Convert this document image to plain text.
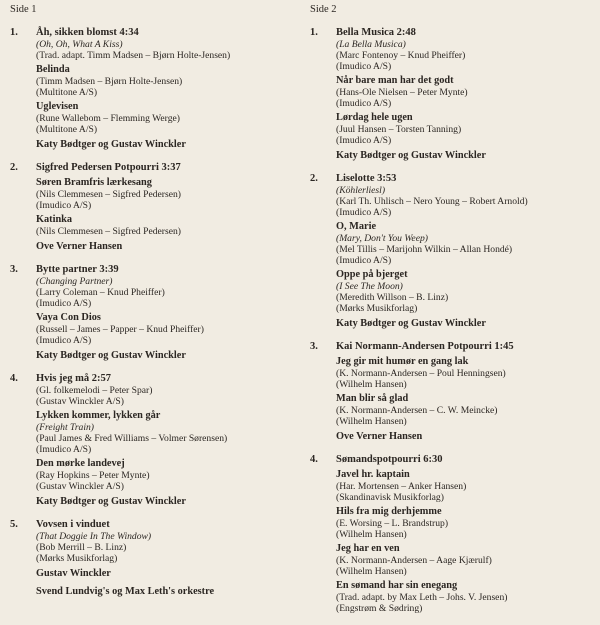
Side 1
1. Åh, sikken blomst 4:34
(Oh, Oh, What A Kiss)
(Trad. adapt. Timm Madsen – Bjørn Holte-Jensen)
Belinda
(Timm Madsen – Bjørn Holte-Jensen)
(Multitone A/S)
Uglevisen
(Rune Wallebom – Flemming Werge)
(Multitone A/S)
Katy Bødtger og Gustav Winckler
2. Sigfred Pedersen Potpourri 3:37
Søren Bramfris lærkesang
(Nils Clemmesen – Sigfred Pedersen)
(Imudico A/S)
Katinka
(Nils Clemmesen – Sigfred Pedersen)
Ove Verner Hansen
3. Bytte partner 3:39
(Changing Partner)
(Larry Coleman – Knud Pheiffer)
(Imudico A/S)
Vaya Con Dios
(Russell – James – Papper – Knud Pheiffer)
(Imudico A/S)
Katy Bødtger og Gustav Winckler
4. Hvis jeg må 2:57
(Gl. folkemelodi – Peter Spar)
(Gustav Winckler A/S)
Lykken kommer, lykken går
(Freight Train)
(Paul James & Fred Williams – Volmer Sørensen)
(Imudico A/S)
Den mørke landevej
(Ray Hopkins – Peter Mynte)
(Gustav Winckler A/S)
Katy Bødtger og Gustav Winckler
5. Vovsen i vinduet
(That Doggie In The Window)
(Bob Merrill – B. Linz)
(Mørks Musikforlag)
Gustav Winckler
Svend Lundvig's og Max Leth's orkestre
Side 2
1. Bella Musica 2:48
(La Bella Musica)
(Marc Fontenoy – Knud Pheiffer)
(Imudico A/S)
Når bare man har det godt
(Hans-Ole Nielsen – Peter Mynte)
(Imudico A/S)
Lørdag hele ugen
(Juul Hansen – Torsten Tanning)
(Imudico A/S)
Katy Bødtger og Gustav Winckler
2. Liselotte 3:53
(Köhlerliesl)
(Karl Th. Uhlisch – Nero Young – Robert Arnold)
(Imudico A/S)
O, Marie
(Mary, Don't You Weep)
(Mel Tillis – Marijohn Wilkin – Allan Hondé)
(Imudico A/S)
Oppe på bjerget
(I See The Moon)
(Meredith Willson – B. Linz)
(Mørks Musikforlag)
Katy Bødtger og Gustav Winckler
3. Kai Normann-Andersen Potpourri 1:45
Jeg gir mit humør en gang lak
(K. Normann-Andersen – Poul Henningsen)
(Wilhelm Hansen)
Man blir så glad
(K. Normann-Andersen – C. W. Meincke)
(Wilhelm Hansen)
Ove Verner Hansen
4. Sømandspotpourri 6:30
Javel hr. kaptain
(Har. Mortensen – Anker Hansen)
(Skandinavisk Musikforlag)
Hils fra mig derhjemme
(E. Worsing – L. Brandstrup)
(Wilhelm Hansen)
Jeg har en ven
(K. Normann-Andersen – Aage Kjærulf)
(Wilhelm Hansen)
En sømand har sin enegang
(Trad. adapt. by Max Leth – Johs. V. Jensen)
(Engstrøm & Sødring)
